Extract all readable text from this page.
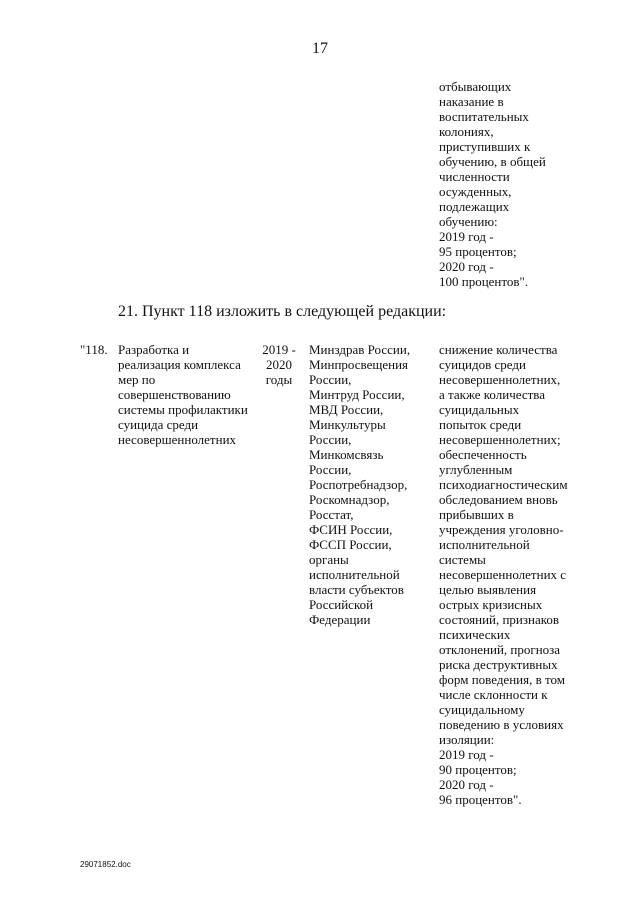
17
отбывающих
наказание в
воспитательных
колониях,
приступивших к
обучению, в общей
численности
осужденных,
подлежащих
обучению:
2019 год -
95 процентов;
2020 год -
100 процентов".
21. Пункт 118 изложить в следующей редакции:
"118. Разработка и
реализация комплекса
мер по
совершенствованию
системы профилактики
суицида среди
несовершеннолетних
2019 -
2020
годы
Минздрав России,
Минпросвещения
России,
Минтруд России,
МВД России,
Минкультуры
России,
Минкомсвязь
России,
Роспотребнадзор,
Роскомнадзор,
Росстат,
ФСИН России,
ФССП России,
органы
исполнительной
власти субъектов
Российской
Федерации
снижение количества
суицидов среди
несовершеннолетних,
а также количества
суицидальных
попыток среди
несовершеннолетних;
обеспеченность
углубленным
психодиагностическим
обследованием вновь
прибывших в
учреждения уголовно-
исполнительной
системы
несовершеннолетних с
целью выявления
острых кризисных
состояний, признаков
психических
отклонений, прогноза
риска деструктивных
форм поведения, в том
числе склонности к
суицидальному
поведению в условиях
изоляции:
2019 год -
90 процентов;
2020 год -
96 процентов".
29071852.doc
